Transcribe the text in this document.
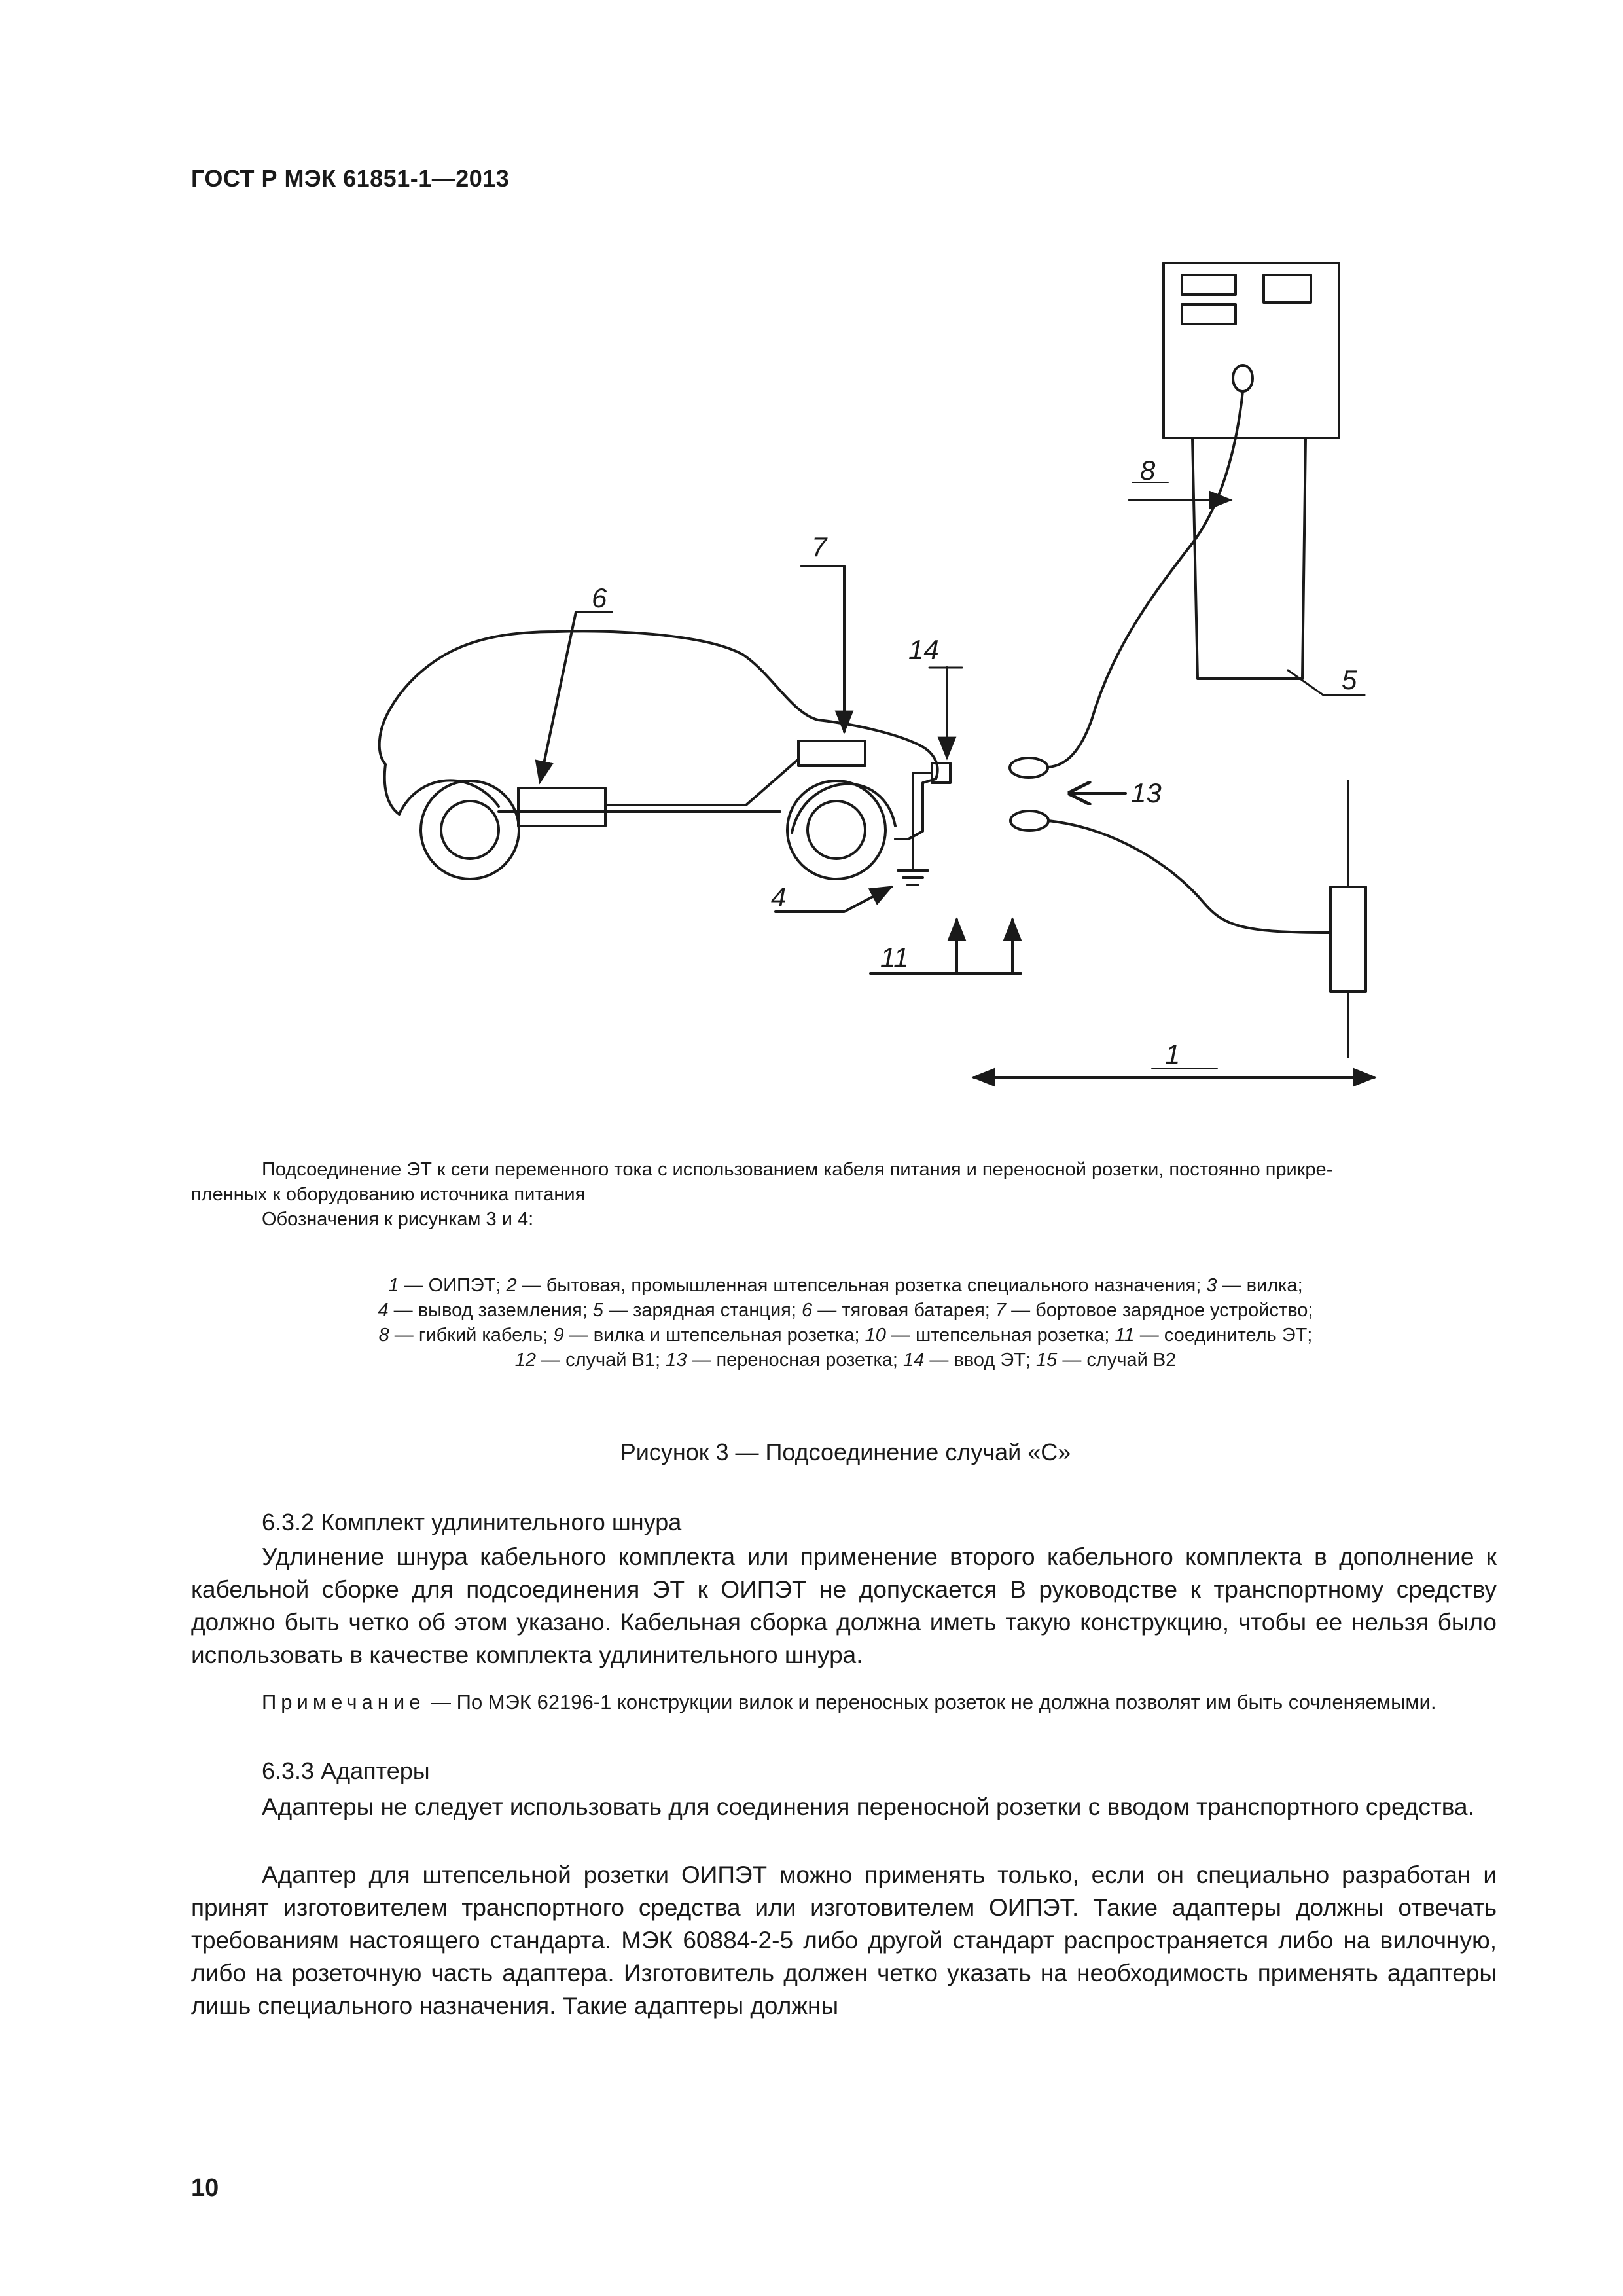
ГОСТ Р МЭК 61851-1—2013
6
7
8
5
14
13
4
11
1
Подсоединение ЭТ к сети переменного тока с использованием кабеля питания и переносной розетки, постоянно прикре-
пленных к оборудованию источника питания
Обозначения к рисункам 3 и 4:
1 — ОИПЭТ; 2 — бытовая, промышленная штепсельная розетка специального назначения; 3 — вилка;
4 — вывод заземления; 5 — зарядная станция; 6 — тяговая батарея; 7 — бортовое зарядное устройство;
8 — гибкий кабель; 9 — вилка и штепсельная розетка; 10 — штепсельная розетка; 11 — соединитель ЭТ;
12 — случай В1; 13 — переносная розетка; 14 — ввод ЭТ; 15 — случай В2
Рисунок 3 — Подсоединение случай «С»
6.3.2 Комплект удлинительного шнура
Удлинение шнура кабельного комплекта или применение второго кабельного комплекта в дополнение к кабельной сборке для подсоединения ЭТ к ОИПЭТ не допускается В руководстве к транспортному средству должно быть четко об этом указано. Кабельная сборка должна иметь такую конструкцию, чтобы ее нельзя было использовать в качестве комплекта удлинительного шнура.
Примечание — По МЭК 62196-1 конструкции вилок и переносных розеток не должна позволят им быть сочленяемыми.
6.3.3 Адаптеры
Адаптеры не следует использовать для соединения переносной розетки с вводом транспортного средства.
Адаптер для штепсельной розетки ОИПЭТ можно применять только, если он специально разработан и принят изготовителем транспортного средства или изготовителем ОИПЭТ. Такие адаптеры должны отвечать требованиям настоящего стандарта. МЭК 60884-2-5 либо другой стандарт распространяется либо на вилочную, либо на розеточную часть адаптера. Изготовитель должен четко указать на необходимость применять адаптеры лишь специального назначения. Такие адаптеры должны
10
